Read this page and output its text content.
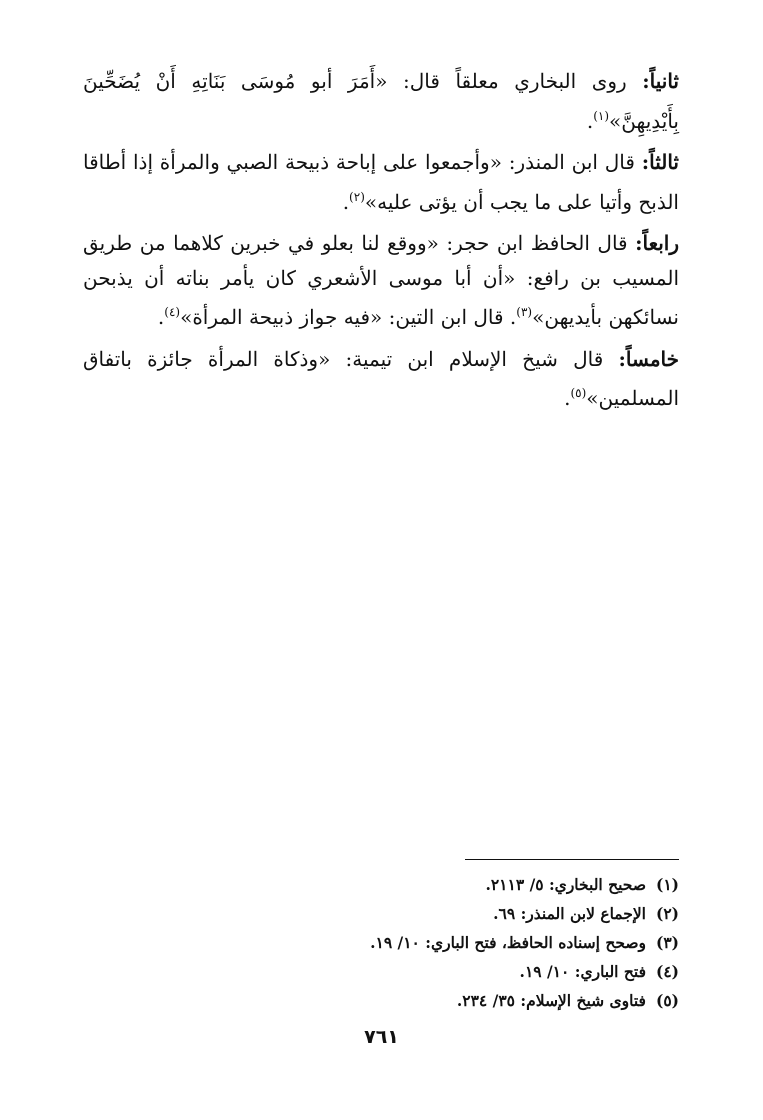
ثانياً: روى البخاري معلقاً قال: «أَمَرَ أبو مُوسَى بَنَاتِهِ أَنْ يُضَحِّينَ بِأَيْدِيهِنَّ»$^{(١)}$.

ثالثاً: قال ابن المنذر: «وأجمعوا على إباحة ذبيحة الصبي والمرأة إذا أطاقا الذبح وأتيا على ما يجب أن يؤتى عليه»$^{(٢)}$.

رابعاً: قال الحافظ ابن حجر: «ووقع لنا بعلو في خبرين كلاهما من طريق المسيب بن رافع: «أن أبا موسى الأشعري كان يأمر بناته أن يذبحن نسائكهن بأيديهن»$^{(٣)}$. قال ابن التين: «فيه جواز ذبيحة المرأة»$^{(٤)}$.

خامساً: قال شيخ الإسلام ابن تيمية: «وذكاة المرأة جائزة باتفاق المسلمين»$^{(٥)}$.

(١)صحيح البخاري: ٥/ ٢١١٣.
(٢)الإجماع لابن المنذر: ٦٩.
(٣)وصحح إسناده الحافظ، فتح الباري: ١٠/ ١٩.
(٤)فتح الباري: ١٠/ ١٩.
(٥)فتاوى شيخ الإسلام: ٣٥/ ٢٣٤.
٧٦١
